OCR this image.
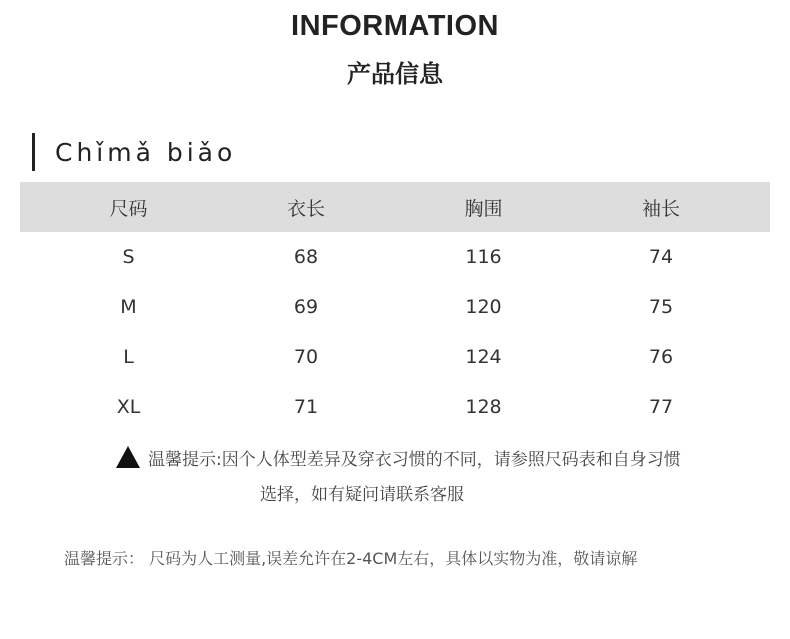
INFORMATION
产品信息
Chǐmǎ biǎo
尺码	衣长	胸围	袖长
S	68	116	74
M	69	120	75
L	70	124	76
XL	71	128	77
温馨提示:因个人体型差异及穿衣习惯的不同，请参照尺码表和自身习惯
选择，如有疑问请联系客服
温馨提示： 尺码为人工测量,误差允许在2-4CM左右，具体以实物为准，敬请谅解
